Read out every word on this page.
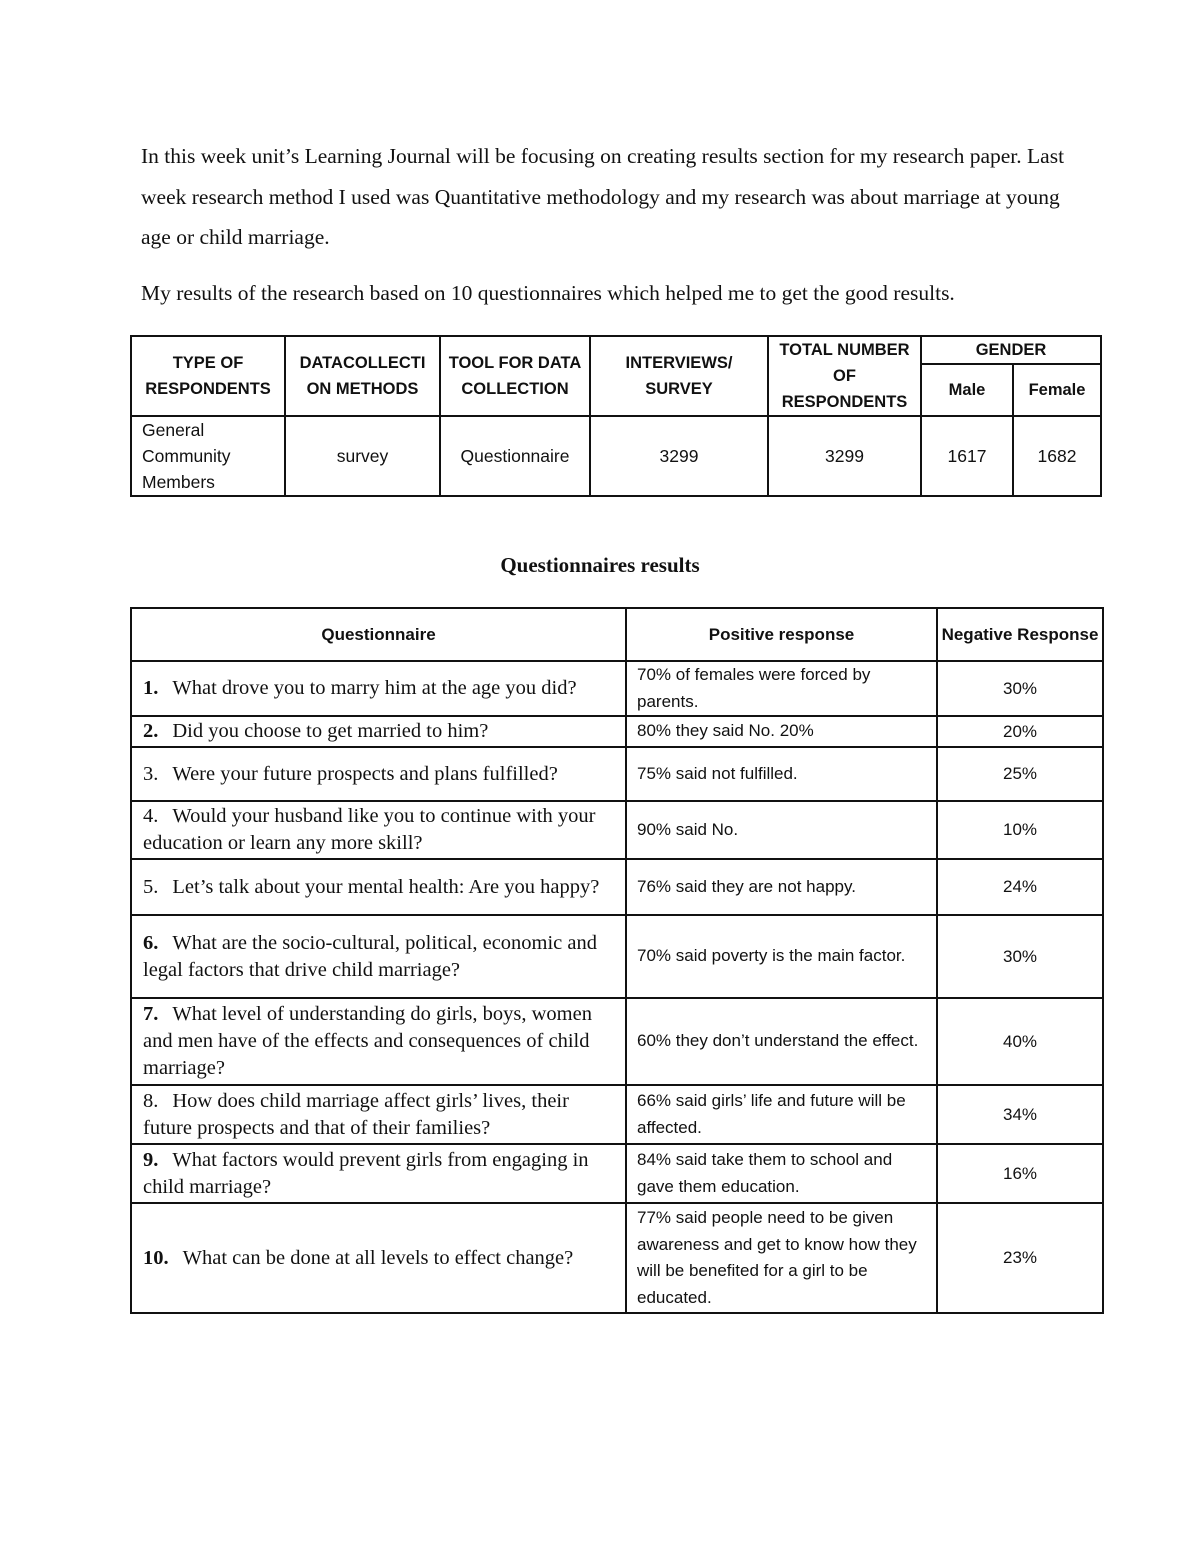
In this week unit’s Learning Journal will be focusing on creating results section for my research paper. Last week research method I used was Quantitative methodology and my research was about marriage at young age or child marriage.

My results of the research based on 10 questionnaires which helped me to get the good results.

TYPE OF RESPONDENTS	DATACOLLECTI ON METHODS	TOOL FOR DATA COLLECTION	INTERVIEWS/ SURVEY	TOTAL NUMBER OF RESPONDENTS	GENDER	
					Male	Female
General Community Members	survey	Questionnaire	3299	3299	1617	1682
Questionnaires results
Questionnaire	Positive response	Negative Response
1. What drove you to marry him at the age you did?	70% of females were forced by parents.	30%
2. Did you choose to get married to him?	80% they said No. 20%	20%
3. Were your future prospects and plans fulfilled?	75% said not fulfilled.	25%
4. Would your husband like you to continue with your education or learn any more skill?	90% said No.	10%
5. Let’s talk about your mental health: Are you happy?	76% said they are not happy.	24%
6. What are the socio-cultural, political, economic and legal factors that drive child marriage?	70% said poverty is the main factor.	30%
7. What level of understanding do girls, boys, women and men have of the effects and consequences of child marriage?	60% they don’t understand the effect.	40%
8. How does child marriage affect girls’ lives, their future prospects and that of their families?	66% said girls’ life and future will be affected.	34%
9. What factors would prevent girls from engaging in child marriage?	84% said take them to school and gave them education.	16%
10. What can be done at all levels to effect change?	77% said people need to be given awareness and get to know how they will be benefited for a girl to be educated.	23%
